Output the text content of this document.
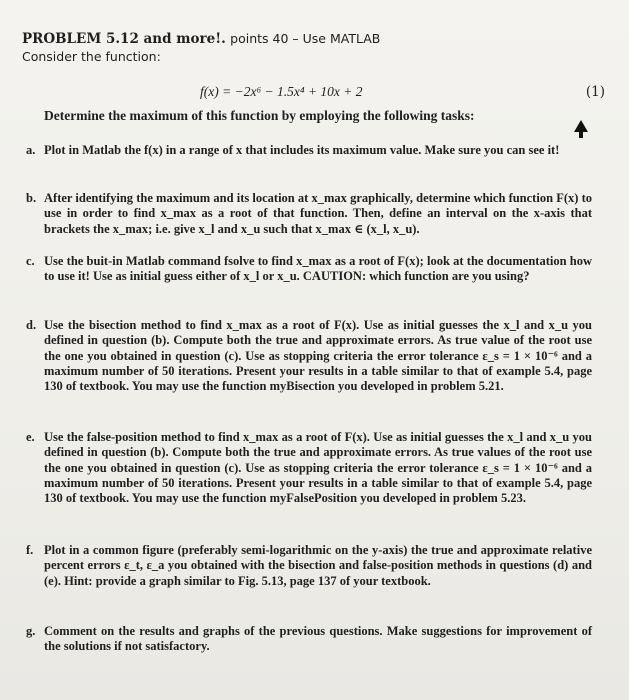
PROBLEM 5.12 and more!. points 40 – Use MATLAB
Consider the function:
f(x) = −2x⁶ − 1.5x⁴ + 10x + 2	(1)
Determine the maximum of this function by employing the following tasks:
a. Plot in Matlab the f(x) in a range of x that includes its maximum value. Make sure you can see it!
b. After identifying the maximum and its location at x_max graphically, determine which function F(x) to use in order to find x_max as a root of that function. Then, define an interval on the x-axis that brackets the x_max; i.e. give x_l and x_u such that x_max ∈ (x_l, x_u).
c. Use the buit-in Matlab command fsolve to find x_max as a root of F(x); look at the documentation how to use it! Use as initial guess either of x_l or x_u. CAUTION: which function are you using?
d. Use the bisection method to find x_max as a root of F(x). Use as initial guesses the x_l and x_u you defined in question (b). Compute both the true and approximate errors. As true value of the root use the one you obtained in question (c). Use as stopping criteria the error tolerance ε_s = 1 × 10⁻⁶ and a maximum number of 50 iterations. Present your results in a table similar to that of example 5.4, page 130 of textbook. You may use the function myBisection you developed in problem 5.21.
e. Use the false-position method to find x_max as a root of F(x). Use as initial guesses the x_l and x_u you defined in question (b). Compute both the true and approximate errors. As true values of the root use the one you obtained in question (c). Use as stopping criteria the error tolerance ε_s = 1 × 10⁻⁶ and a maximum number of 50 iterations. Present your results in a table similar to that of example 5.4, page 130 of textbook. You may use the function myFalsePosition you developed in problem 5.23.
f. Plot in a common figure (preferably semi-logarithmic on the y-axis) the true and approximate relative percent errors ε_t, ε_a you obtained with the bisection and false-position methods in questions (d) and (e). Hint: provide a graph similar to Fig. 5.13, page 137 of your textbook.
g. Comment on the results and graphs of the previous questions. Make suggestions for improvement of the solutions if not satisfactory.
